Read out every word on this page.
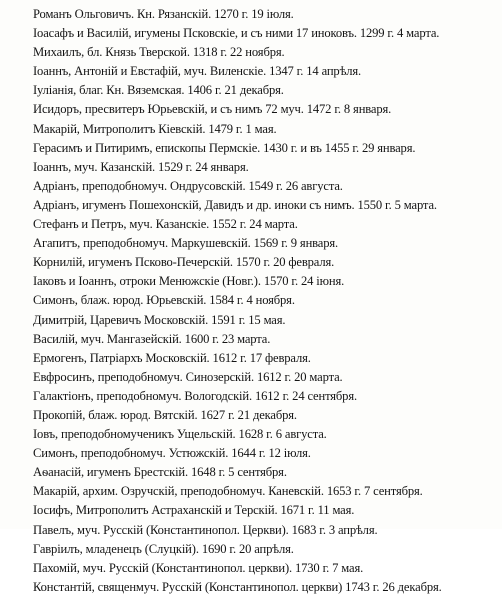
Романъ Ольговичъ. Кн. Рязанскій. 1270 г. 19 іюля.
Іоасафъ и Василій, игумены Псковскіе, и съ ними 17 иноковъ. 1299 г. 4 марта.
Михаилъ, бл. Князь Тверской. 1318 г. 22 ноября.
Іоаннъ, Антоній и Евстафій, муч. Виленскіе. 1347 г. 14 апрѣля.
Іуліанія, благ. Кн. Вяземская. 1406 г. 21 декабря.
Исидоръ, пресвитеръ Юрьевскій, и съ нимъ 72 муч. 1472 г. 8 января.
Макарій, Митрополитъ Кіевскій. 1479 г. 1 мая.
Герасимъ и Питиримъ, епископы Пермскіе. 1430 г. и въ 1455 г. 29 января.
Іоаннъ, муч. Казанскій. 1529 г. 24 января.
Адріанъ, преподобномуч. Ондрусовскій. 1549 г. 26 августа.
Адріанъ, игуменъ Пошехонскій, Давидъ и др. иноки съ нимъ. 1550 г. 5 марта.
Стефанъ и Петръ, муч. Казанскіе. 1552 г. 24 марта.
Агапитъ, преподобномуч. Маркушевскій. 1569 г. 9 января.
Корнилій, игуменъ Псково-Печерскій. 1570 г. 20 февраля.
Іаковъ и Іоаннъ, отроки Менюжскіе (Новг.). 1570 г. 24 іюня.
Симонъ, блаж. юрод. Юрьевскій. 1584 г. 4 ноября.
Димитрій, Царевичъ Московскій. 1591 г. 15 мая.
Василій, муч. Мангазейскій. 1600 г. 23 марта.
Ермогенъ, Патріархъ Московскій. 1612 г. 17 февраля.
Евфросинъ, преподобномуч. Синозерскій. 1612 г. 20 марта.
Галактіонъ, преподобномуч. Вологодскій. 1612 г. 24 сентября.
Прокопій, блаж. юрод. Вятскій. 1627 г. 21 декабря.
Іовъ, преподобномученикъ Ущельскій. 1628 г. 6 августа.
Симонъ, преподобномуч. Устюжскій. 1644 г. 12 іюля.
Аѳанасій, игуменъ Брестскій. 1648 г. 5 сентября.
Макарій, архим. Озручскій, преподобномуч. Каневскій. 1653 г. 7 сентября.
Іосифъ, Митрополитъ Астраханскій и Терскій. 1671 г. 11 мая.
Павелъ, муч. Русскій (Константинопол. Церкви). 1683 г. 3 апрѣля.
Гавріилъ, младенецъ (Слуцкій). 1690 г. 20 апрѣля.
Пахомій, муч. Русскій (Константинопол. церкви). 1730 г. 7 мая.
Константій, священмуч. Русскій (Константинопол. церкви) 1743 г. 26 декабря.
